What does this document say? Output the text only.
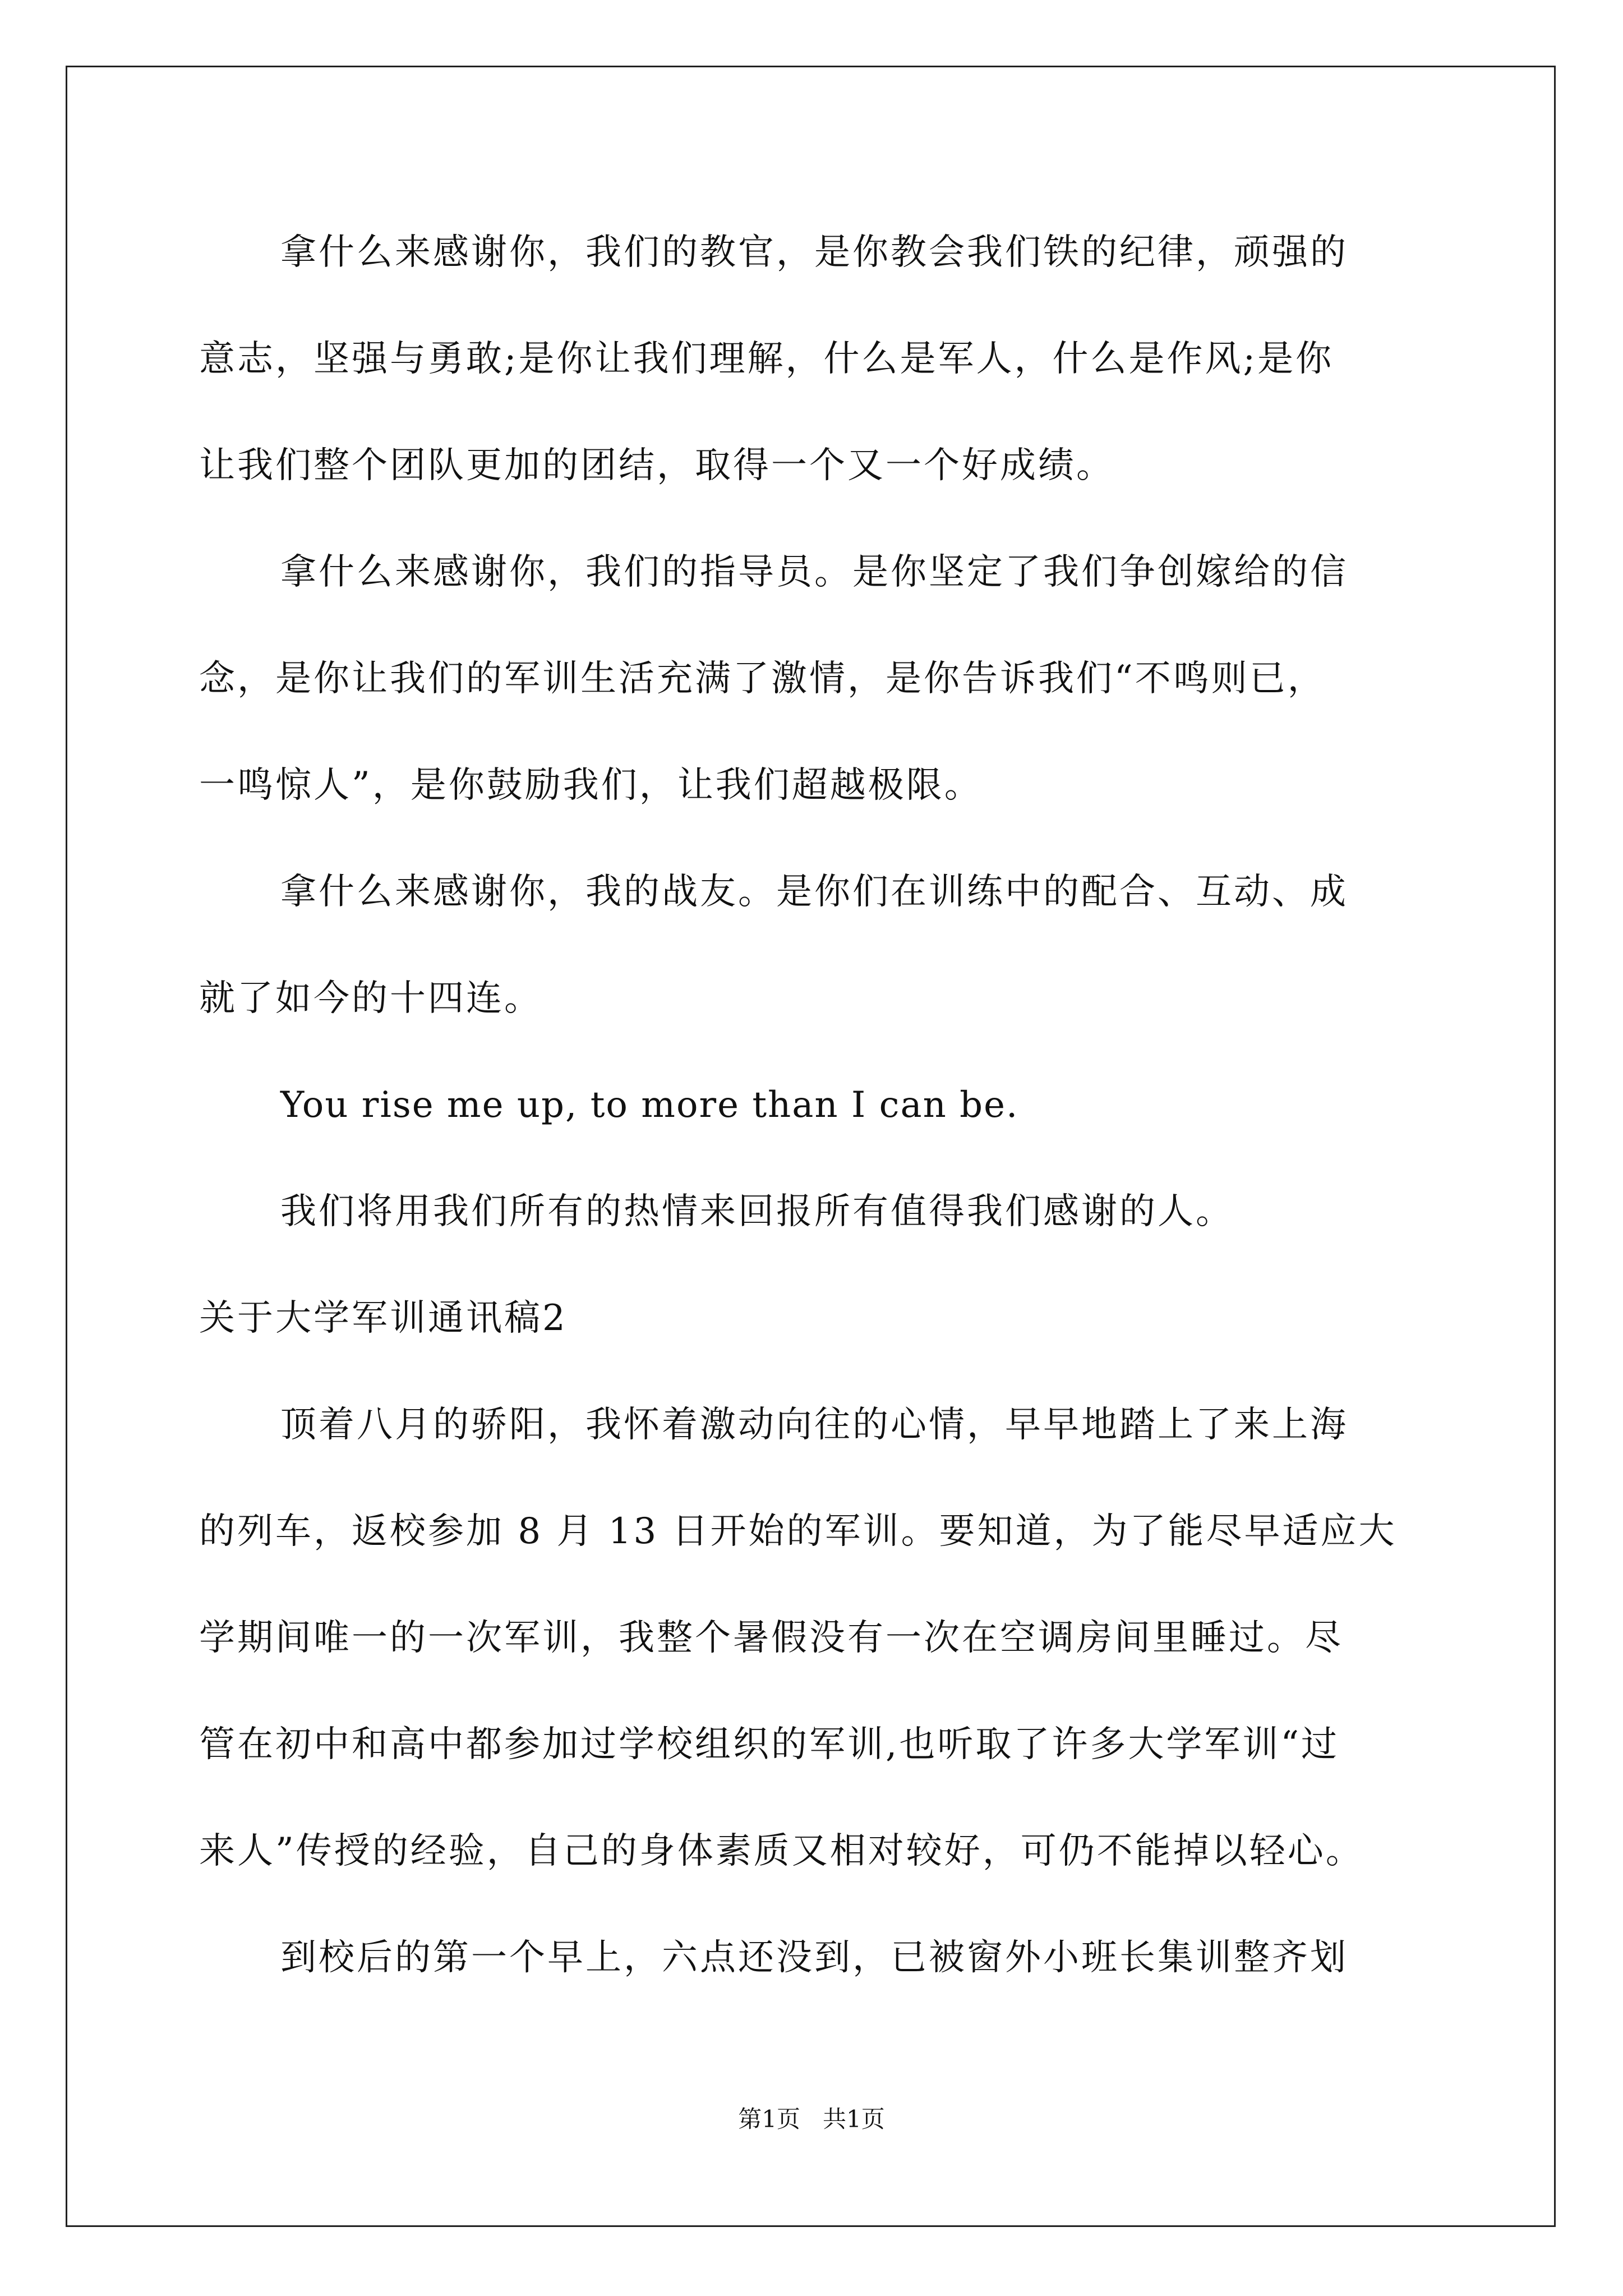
拿什么来感谢你，我们的教官，是你教会我们铁的纪律，顽强的
意志，坚强与勇敢;是你让我们理解，什么是军人，什么是作风;是你
让我们整个团队更加的团结，取得一个又一个好成绩。
拿什么来感谢你，我们的指导员。是你坚定了我们争创嫁给的信
念，是你让我们的军训生活充满了激情，是你告诉我们“不鸣则已，
一鸣惊人”，是你鼓励我们，让我们超越极限。
拿什么来感谢你，我的战友。是你们在训练中的配合、互动、成
就了如今的十四连。
You rise me up, to more than I can be.
我们将用我们所有的热情来回报所有值得我们感谢的人。
关于大学军训通讯稿2
顶着八月的骄阳，我怀着激动向往的心情，早早地踏上了来上海
的列车，返校参加 8 月 13 日开始的军训。要知道，为了能尽早适应大
学期间唯一的一次军训，我整个暑假没有一次在空调房间里睡过。尽
管在初中和高中都参加过学校组织的军训,也听取了许多大学军训“过
来人”传授的经验，自己的身体素质又相对较好，可仍不能掉以轻心。
到校后的第一个早上，六点还没到，已被窗外小班长集训整齐划
第1页 共1页
